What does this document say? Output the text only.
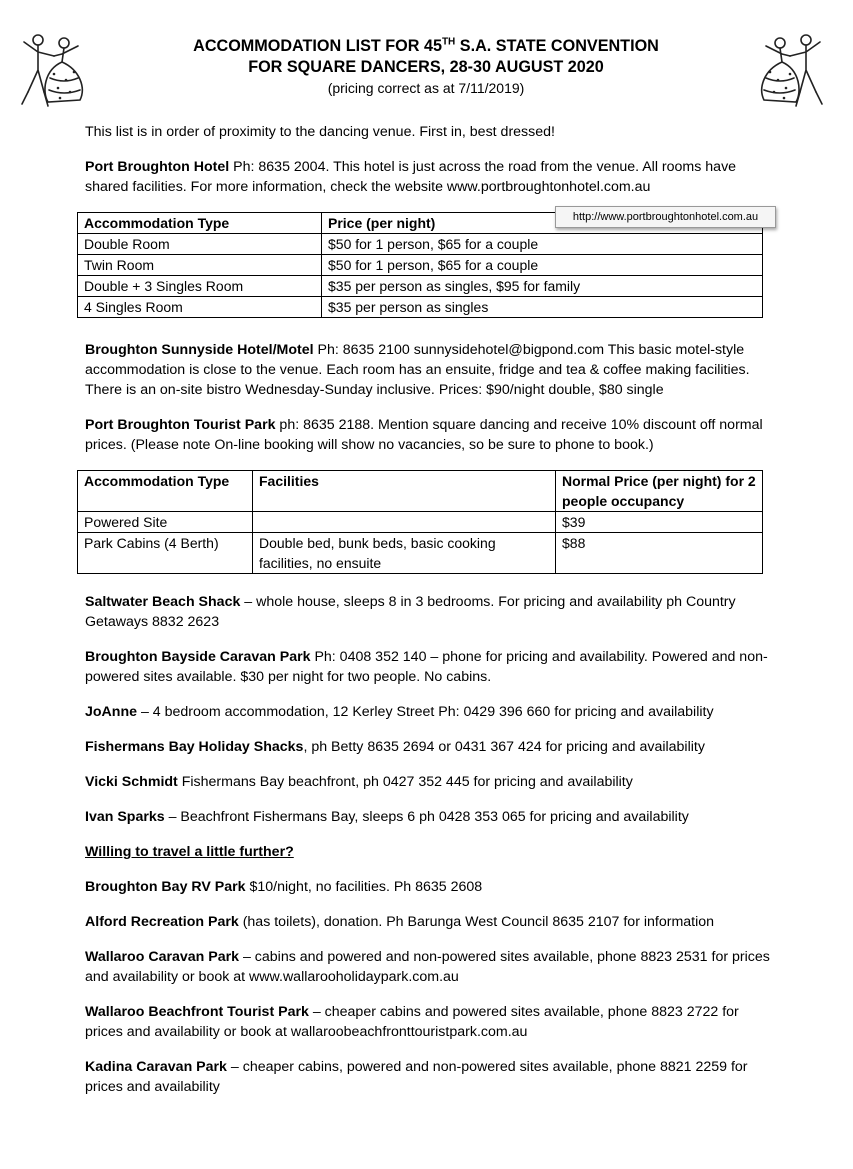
ACCOMMODATION LIST FOR 45TH S.A. STATE CONVENTION
FOR SQUARE DANCERS, 28-30 AUGUST 2020
(pricing correct as at 7/11/2019)

This list is in order of proximity to the dancing venue. First in, best dressed!

Port Broughton Hotel Ph: 8635 2004. This hotel is just across the road from the venue. All rooms have shared facilities. For more information, check the website www.portbroughtonhotel.com.au

Accommodation Type	Price (per night)
Double Room	$50 for 1 person, $65 for a couple
Twin Room	$50 for 1 person, $65 for a couple
Double + 3 Singles Room	$35 per person as singles, $95 for family
4 Singles Room	$35 per person as singles

Broughton Sunnyside Hotel/Motel Ph: 8635 2100 sunnysidehotel@bigpond.com This basic motel-style accommodation is close to the venue. Each room has an ensuite, fridge and tea & coffee making facilities. There is an on-site bistro Wednesday-Sunday inclusive. Prices: $90/night double, $80 single

Port Broughton Tourist Park ph: 8635 2188. Mention square dancing and receive 10% discount off normal prices. (Please note On-line booking will show no vacancies, so be sure to phone to book.)

Accommodation Type	Facilities	Normal Price (per night) for 2 people occupancy
Powered Site		$39
Park Cabins (4 Berth)	Double bed, bunk beds, basic cooking facilities, no ensuite	$88

Saltwater Beach Shack – whole house, sleeps 8 in 3 bedrooms. For pricing and availability ph Country Getaways 8832 2623

Broughton Bayside Caravan Park Ph: 0408 352 140 – phone for pricing and availability. Powered and non-powered sites available. $30 per night for two people. No cabins.

JoAnne – 4 bedroom accommodation, 12 Kerley Street Ph: 0429 396 660 for pricing and availability

Fishermans Bay Holiday Shacks, ph Betty 8635 2694 or 0431 367 424 for pricing and availability

Vicki Schmidt Fishermans Bay beachfront, ph 0427 352 445 for pricing and availability

Ivan Sparks – Beachfront Fishermans Bay, sleeps 6 ph 0428 353 065 for pricing and availability

Willing to travel a little further?

Broughton Bay RV Park $10/night, no facilities. Ph 8635 2608

Alford Recreation Park (has toilets), donation. Ph Barunga West Council 8635 2107 for information

Wallaroo Caravan Park – cabins and powered and non-powered sites available, phone 8823 2531 for prices and availability or book at www.wallarooholidaypark.com.au

Wallaroo Beachfront Tourist Park – cheaper cabins and powered sites available, phone 8823 2722 for prices and availability or book at wallaroobeachfronttouristpark.com.au

Kadina Caravan Park – cheaper cabins, powered and non-powered sites available, phone 8821 2259 for prices and availability

http://www.portbroughtonhotel.com.au
